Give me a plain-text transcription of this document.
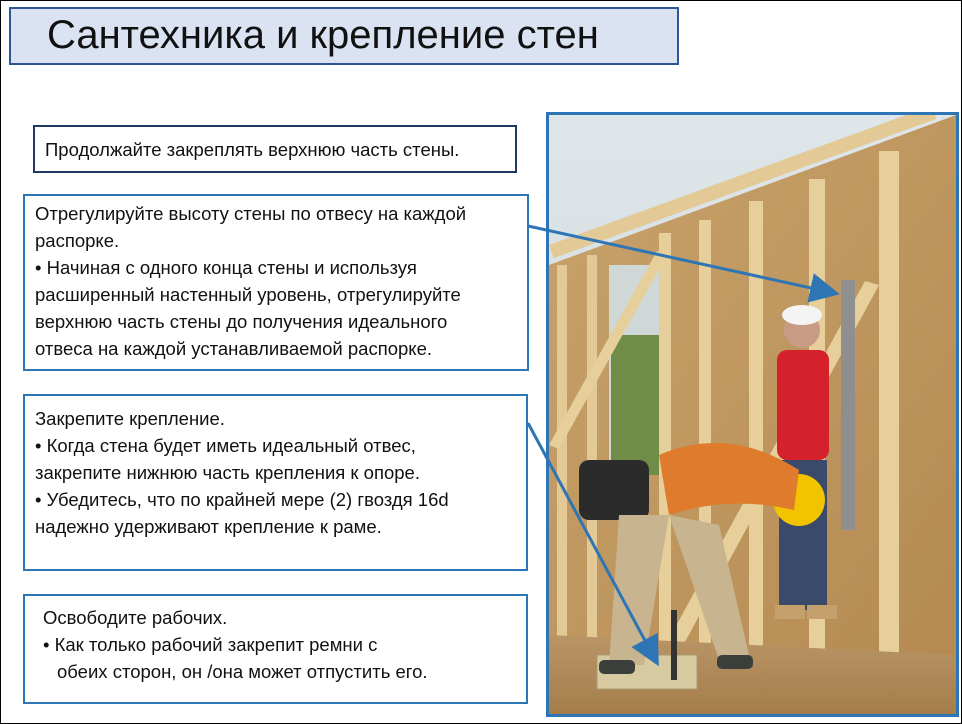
Сантехника и крепление стен

Продолжайте закреплять верхнюю часть стены.

Отрегулируйте высоту стены по отвесу на каждой

распорке.

• Начиная с одного конца стены и используя

расширенный настенный уровень, отрегулируйте

верхнюю часть стены до получения идеального

отвеса на каждой устанавливаемой распорке.

Закрепите крепление.

• Когда стена будет иметь идеальный отвес,

закрепите нижнюю часть крепления к опоре.

• Убедитесь, что по крайней мере (2) гвоздя 16d

надежно удерживают крепление к раме.

Освободите рабочих.

• Как только рабочий закрепит ремни с

обеих сторон, он /она может отпустить его.
